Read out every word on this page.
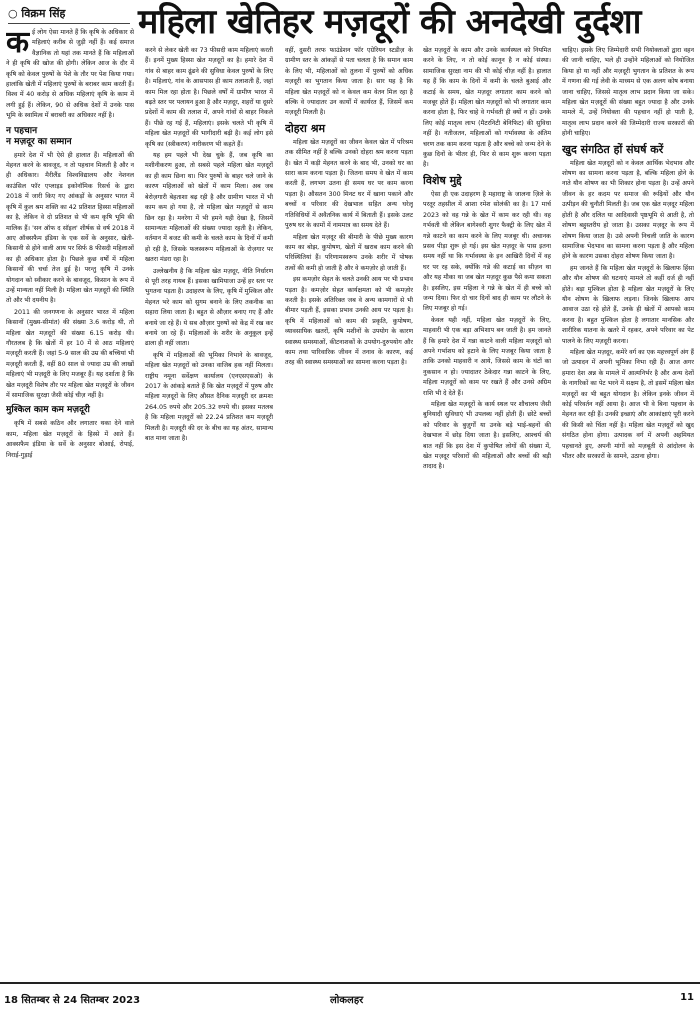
○ विक्रम सिंह	महिला खेतिहर मज़दूरों की अनदेखी दुर्दशा

क ई लोग ऐसा मानते हैं कि कृषि के अधिकार से महिलाएं करीब से जुड़ी नहीं हैं। कई समाज वैज्ञानिक तो यहां तक मानते हैं कि महिलाओं ने ही कृषि की खोज की होगी। लेकिन आज के दौर में कृषि को केवल पुरुषों के पेशे के तौर पर पेश किया गया। हालांकि खेती में महिलाएं पुरुषों के बराबर काम करती हैं। विश्व में 40 करोड़ से अधिक महिलाएं कृषि के काम में लगी हुई हैं। लेकिन, 90 से अधिक देशों में उनके पास भूमि के स्वामित्व में बराबरी का अधिकार नहीं है।

न पहचान
न मज़दूर का सम्मान

हमारे देश में भी ऐसे ही हालात हैं। महिलाओं की मेहनत करने के बावजूद, न तो पहचान मिलती है और न ही अधिकार। मैरीलैंड विश्वविद्यालय और नेशनल काउंसिल फॉर एप्लाइड इकोनॉमिक रिसर्च के द्वारा 2018 में जारी किए गए आंकड़ों के अनुसार भारत में कृषि में कुल श्रम शक्ति का 42 प्रतिशत हिस्सा महिलाओं का है, लेकिन वे दो प्रतिशत से भी कम कृषि भूमि की मालिक हैं। 'सन ऑफ द सॉइल' शीर्षक से वर्ष 2018 में आए ऑक्सफैम इंडिया के एक सर्वे के अनुसार, खेती-किसानी से होने वाली आय पर सिर्फ 8 फीसदी महिलाओं का ही अधिकार होता है। पिछले कुछ वर्षों में महिला किसानों की चर्चा तेज हुई है। परन्तु कृषि में उनके योगदान को स्वीकार करने के बावजूद, किसान के रूप में उन्हें मान्यता नहीं मिली है। महिला खेत मज़दूरों की स्थिति तो और भी दयनीय है।

2011 की जनगणना के अनुसार भारत में महिला किसानों (मुख्य-सीमांत) की संख्या 3.6 करोड़ थी, तो महिला खेत मज़दूरों की संख्या 6.15 करोड़ थी। गौरतलब है कि खेतों में हर 10 में से आठ महिलाएं मज़दूरी करती हैं। जहां 5-9 साल की उम्र की बच्चियां भी मज़दूरी करती हैं, वहीं 80 साल से ज्यादा उम्र की लाखों महिलाएं भी मज़दूरी के लिए मजबूर हैं। यह दर्शाता है कि खेत मज़दूरी विशेष तौर पर महिला खेत मज़दूरों के जीवन में सामाजिक सुरक्षा जैसी कोई चीज़ नहीं है।

मुश्किल काम कम मज़दूरी

कृषि में सबसे कठिन और लगातार थका देने वाले काम, महिला खेत मज़दूरों के हिस्से में आते हैं। आक्सफैम इंडिया के सर्वे के अनुसार बोआई, रोपाई, निराई-गुड़ाई

करने से लेकर खेती का 73 फीसदी काम महिलाएं करती हैं। इनमें मुख्य हिस्सा खेत मज़दूरों का है। हमारे देश में गांव से बाहर काम ढूंढने की सुविधा केवल पुरुषों के लिए है। महिलाएं, गांव के आसपास ही काम तलाशती हैं, जहां काम मिल रहा होता है। पिछले वर्षों में ग्रामीण भारत में बढ़ते स्तर पर पलायन हुआ है और मज़दूर, शहरों या दूसरे प्रदेशों में काम की तलाश में, अपने गांवों से बाहर निकले हैं। पीछे रह गई हैं, महिलाएं। इसके चलते भी कृषि में महिला खेत मज़दूरों की भागीदारी बढ़ी है। कई लोग इसे कृषि का (स्त्रीकरण) नारीकरण भी कहते हैं।

यह हम पहले भी देख चुके हैं, जब कृषि का मशीनीकरण हुआ, तो सबसे पहले महिला खेत मज़दूरों का ही काम छिना था। फिर पुरुषों के बाहर चले जाने के कारण महिलाओं को खेतों में काम मिला। अब जब बेरोज़गारी बेहताशा बढ़ रही है और ग्रामीण भारत में भी काम कम हो गया है, तो महिला खेत मज़दूरों से काम छिन रहा है। मनरेगा में भी हमने यही देखा है, जिसमें सामान्यतः महिलाओं की संख्या ज्यादा रहती है। लेकिन, वर्तमान में बजट की कमी के चलते काम के दिनों में कमी हो रही है, जिसके फलस्वरूप महिलाओं के रोज़गार पर खतरा मंडरा रहा है।

उल्लेखनीय है कि महिला खेत मज़दूर, नीति निर्धारण से पूरी तरह गायब हैं। इसका खामियाजा उन्हें हर स्तर पर भुगतना पड़ता है। उदाहरण के लिए, कृषि में मुश्किल और मेहनत भरे काम को सुगम बनाने के लिए तकनीक का सहारा लिया जाता है। बहुत से औज़ार बनाए गए हैं और बनाये जा रहे हैं। ये सब औज़ार पुरुषों को केंद्र में रख कर बनाये जा रहे हैं। महिलाओं के शरीर के अनुकूल इन्हें ढाला ही नहीं जाता।

कृषि में महिलाओं की भूमिका निभाने के बावजूद, महिला खेत मज़दूरों को उनका वाजिब हक नहीं मिलता। राष्ट्रीय नमूना सर्वेक्षण कार्यालय (एनएसएसओ) के 2017 के आंकड़े बताते हैं कि खेत मज़दूरों में पुरुष और महिला मज़दूरों के लिए औसत दैनिक मज़दूरी दर क्रमशः 264.05 रुपये और 205.32 रुपये थी। इसका मतलब है कि महिला मज़दूरों को 22.24 प्रतिशत कम मज़दूरी मिलती है। मज़दूरी की दर के बीच का यह अंतर, सामान्य बात माना जाता है।

वहीं, दुसरी तरफ फाउंडेशन फॉर एग्रेरियन स्टडीज़ के ग्रामीण स्तर के आंकड़ों से पता चलता है कि समान काम के लिए भी, महिलाओं को तुलना में पुरुषों को अधिक मज़दूरी का भुगतान किया जाता है। सार यह है कि महिला खेत मज़दूरों को न केवल कम वेतन मिल रहा है बल्कि वे ज्यादातर उन कार्यों में कार्यरत हैं, जिसमें कम मज़दूरी मिलती है।

दोहरा श्रम

महिला खेत मज़दूरों का जीवन केवल खेत में परिश्रम तक सीमित नहीं है बल्कि उनको दोहरा श्रम करना पड़ता है। खेत में कड़ी मेहनत करने के बाद भी, उनको घर का सारा काम करना पड़ता है। जितना समय वे खेत में काम करती हैं, लगभग उतना ही समय घर पर काम करना पड़ता है। औसतन 300 मिनट घर में खाना पकाने और बच्चों व परिवार की देखभाल सहित अन्य घरेलू गतिविधियों में अवैतनिक कार्य में बिताती हैं। इसके उलट पुरुष घर के कामों में नाममात्र का समय देते हैं।

महिला खेत मज़दूर की बीमारी के पीछे मुख्य कारण काम का बोझ, कुपोषण, खेतों में खराब काम करने की परिस्थितियां हैं। परिणामस्वरूप उनके शरीर में पोषक तत्वों की कमी हो जाती है और वे कमज़ोर हो जाती हैं।

इस कमज़ोर सेहत के चलते उनकी आय पर भी प्रभाव पड़ता है। कमज़ोर सेहत कार्यक्षमता को भी कमज़ोर करती है। इसके अतिरिक्त जब वे अन्य कामगारों से भी बीमार पड़ती हैं, इसका प्रभाव उनकी आय पर पड़ता है। कृषि में महिलाओं को काम की प्रकृति, कुपोषण, व्यावसायिक खतरों, कृषि मशीनों के उपयोग के कारण स्वास्थ्य समस्याओं, कीटनाशकों के उपयोग-दुरुपयोग और काम तथा पारिवारिक जीवन में तनाव के कारण, कई तरह की स्वास्थ्य समस्याओं का सामना करना पड़ता है।

खेत मज़दूरों के काम और उनके कार्यस्थल को नियमित करने के लिए, न तो कोई कानून है न कोई संस्था। सामाजिक सुरक्षा नाम की भी कोई चीज़ नहीं है। हालात यह हैं कि काम के दिनों में कमी के चलते बुआई और कटाई के समय, खेत मज़दूर लगातार काम करने को मजबूर होते हैं। महिला खेत मज़दूरों को भी लगातार काम करना होता है, फिर चाहे वे गर्भवती ही क्यों न हों। उनके लिए कोई मातृत्व लाभ (मैटरनिटी बेनिफिट) की सुविधा नहीं है। नतीजतन, महिलाओं को गर्भावस्था के अंतिम चरण तक काम करना पड़ता है और बच्चे को जन्म देने के कुछ दिनों के भीतर ही, फिर से काम शुरू करना पड़ता है।

विशेष मुद्दे

ऐसा ही एक उदाहरण है महाराष्ट्र के जालना ज़िले के परतूर तहसील में आशा रमेश सोलंकी का है। 17 मार्च 2023 को वह गन्ने के खेत में काम कर रही थी। वह गर्भवती थी लेकिन बागेश्वरी शुगर फैक्ट्री के लिए खेत में गन्ने काटने का काम करने के लिए मजबूर थी। अचानक प्रसव पीड़ा शुरू हो गई। इस खेत मज़दूर के पास इतना समय नहीं था कि गर्भावस्था के इन आखिरी दिनों में वह घर पर रह सके, क्योंकि गन्ने की कटाई का सीज़न था और यह मौका था जब खेत मज़दूर कुछ पैसे कमा सकता है। इसलिए, इस महिला ने गन्ने के खेत में ही बच्चे को जन्म दिया। फिर दो चार दिनों बाद ही काम पर लौटने के लिए मजबूर हो गई।

केवल यही नहीं, महिला खेत मज़दूरों के लिए, माहवारी भी एक बड़ा अभिशाप बन जाती है। हम जानते हैं कि हमारे देश में गन्ना काटने वाली महिला मज़दूरों को अपने गर्भाशय को हटाने के लिए मजबूर किया जाता है ताकि उनको माहवारी न आये, जिससे काम के घंटों का नुकसान न हो। ज्यादातर ठेकेदार गन्ना काटने के लिए, महिला मज़दूरों को काम पर रखते हैं और उनसे अग्रिम राशि भी दे देते हैं।

महिला खेत मज़दूरों के कार्य स्थल पर शौचालय जैसी बुनियादी सुविधाएं भी उपलब्ध नहीं होती हैं। छोटे बच्चों को परिवार के बुज़ुर्गों या उनके बड़े भाई-बहनों की देखभाल में छोड़ दिया जाता है। इसलिए, आश्चर्य की बात नहीं कि इस देश में कुपोषित लोगों की संख्या में, खेत मज़दूर परिवारों की महिलाओं और बच्चों की बड़ी तादाद है।

चाहिए। इसके लिए जिम्मेदारी सभी नियोक्ताओं द्वारा वहन की जानी चाहिए, भले ही उन्होंने महिलाओं को नियोजित किया हो या नहीं और मज़दूरी भुगतान के प्रतिशत के रूप में गणना की गई लेवी के माध्यम से एक अलग कोष बनाया जाना चाहिए, जिससे मातृत्व लाभ प्रदान किया जा सके। महिला खेत मज़दूरों की संख्या बहुत ज्यादा है और उनके मामले में, उन्हें नियोक्ता की पहचान नहीं हो पाती है, मातृत्व लाभ प्रदान करने की जिम्मेदारी राज्य सरकारों की होनी चाहिए।

खुद संगठित हों संघर्ष करें

महिला खेत मज़दूरों को न केवल आर्थिक भेदभाव और शोषण का सामना करना पड़ता है, बल्कि महिला होने के नाते यौन शोषण का भी शिकार होना पड़ता है। उन्हें अपने जीवन के हर कदम पर समाज की रूढ़ियों और यौन उत्पीड़न की चुनौती मिलती है। जब एक खेत मज़दूर महिला होती है और दलित या आदिवासी पृष्ठभूमि से आती है, तो शोषण बहुस्तरीय हो जाता है। उसका मज़दूर के रूप में शोषण किया जाता है। उसे अपनी निचली जाति के कारण सामाजिक भेदभाव का सामना करना पड़ता है और महिला होने के कारण उसका दोहरा शोषण किया जाता है।

हम जानते हैं कि महिला खेत मज़दूरों के खिलाफ हिंसा और यौन शोषण की घटनाएं मामले तो कहीं दर्ज ही नहीं होते। बड़ा मुश्किल होता है महिला खेत मज़दूरों के लिए यौन शोषण के खिलाफ लड़ना। जिनके खिलाफ आप आवाज उठा रहे होते हैं, उनके ही खेतों में आपको काम करना है। बहुत मुश्किल होता है लगातार मानसिक और शारीरिक यातना के खतरे में रहकर, अपने परिवार का पेट पालने के लिए मज़दूरी करना।

महिला खेत मज़दूर, कमेरे वर्ग का एक महत्त्वपूर्ण अंग हैं जो उत्पादन में अपनी भूमिका निभा रही हैं। आज अगर हमारा देश अन्न के मामले में आत्मनिर्भर है और अन्य देशों के नागरिकों का पेट भरने में सक्षम है, तो इसमें महिला खेत मज़दूरों का भी बहुत योगदान है। लेकिन इनके जीवन में कोई परिवर्तन नहीं आया है। आज भी वे बिना पहचान के मेहनत कर रही हैं। उनकी इच्छाएं और आकांक्षाएं पूरी करने की किसी को चिंता नहीं है। महिला खेत मज़दूरों को खुद संगठित होना होगा। उत्पादक वर्ग में अपनी अहमियत पहचानते हुए, अपनी मांगों को मज़बूती से आंदोलन के भीतर और सरकारों के सामने, उठाना होगा।

18 सितम्बर से 24 सितम्बर 2023	लोकलहर	11
